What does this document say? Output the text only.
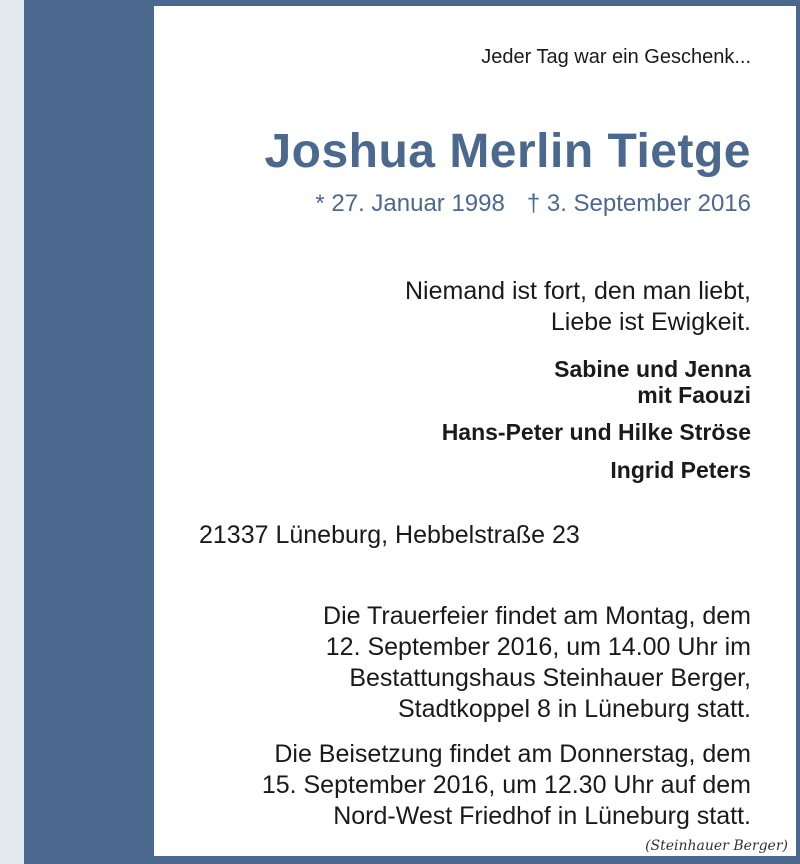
Jeder Tag war ein Geschenk...
Joshua Merlin Tietge
* 27. Januar 1998 † 3. September 2016
Niemand ist fort, den man liebt,
Liebe ist Ewigkeit.
Sabine und Jenna
mit Faouzi
Hans-Peter und Hilke Ströse
Ingrid Peters
21337 Lüneburg, Hebbelstraße 23
Die Trauerfeier findet am Montag, dem
12. September 2016, um 14.00 Uhr im
Bestattungshaus Steinhauer Berger,
Stadtkoppel 8 in Lüneburg statt.
Die Beisetzung findet am Donnerstag, dem
15. September 2016, um 12.30 Uhr auf dem
Nord-West Friedhof in Lüneburg statt.
(Steinhauer Berger)
